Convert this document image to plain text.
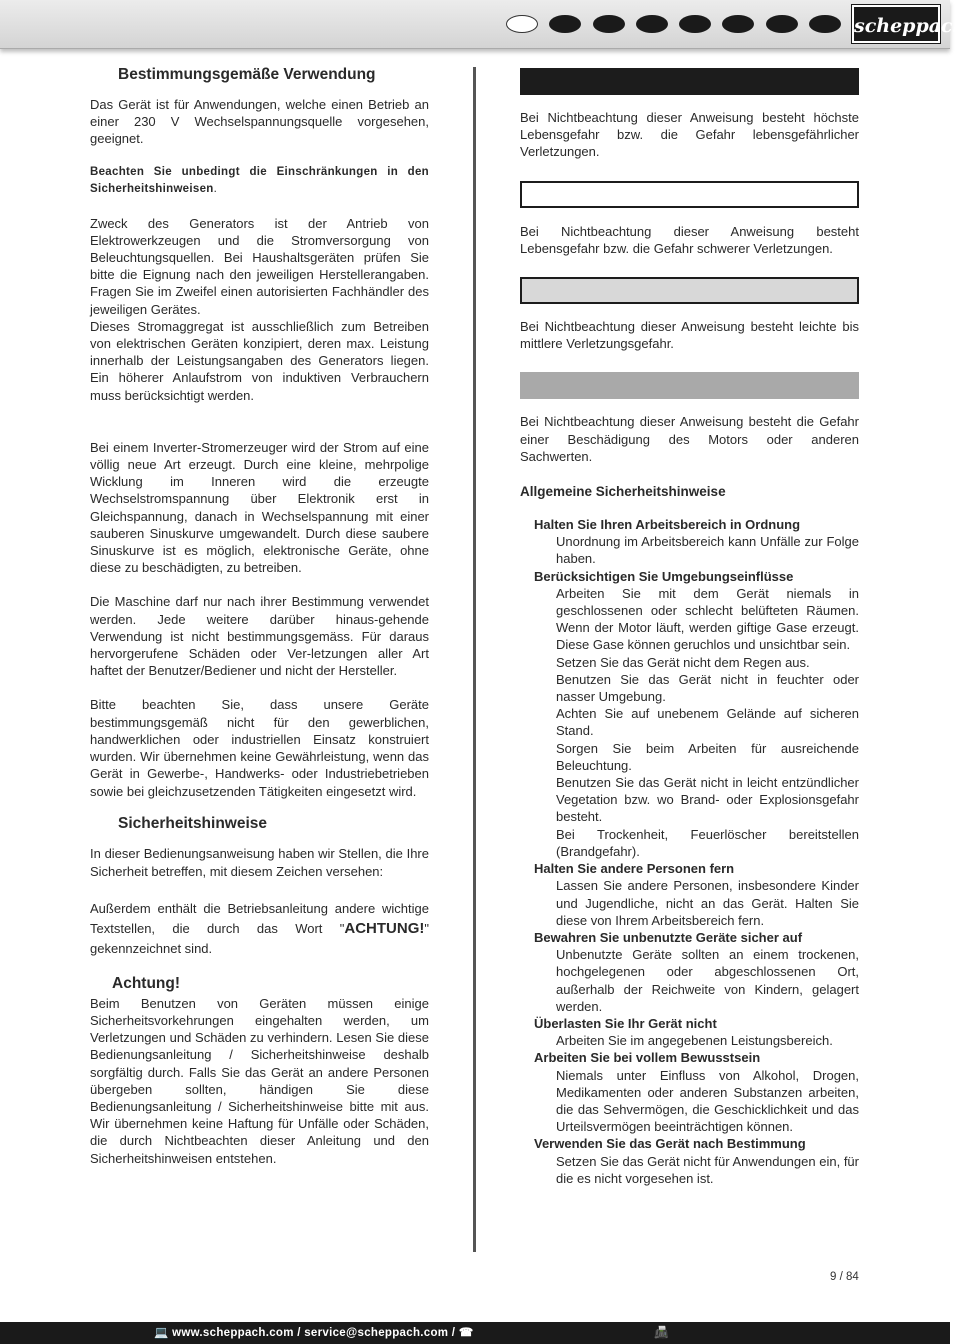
scheppach
Bestimmungsgemäße Verwendung

Das Gerät ist für Anwendungen, welche einen Betrieb an einer 230 V Wechselspannungsquelle vorgesehen, geeignet.

Beachten Sie unbedingt die Einschränkungen in den Sicherheitshinweisen.

Zweck des Generators ist der Antrieb von Elektrowerkzeugen und die Stromversorgung von Beleuchtungsquellen. Bei Haushaltsgeräten prüfen Sie bitte die Eignung nach den jeweiligen Herstellerangaben. Fragen Sie im Zweifel einen autorisierten Fachhändler des jeweiligen Gerätes.

Dieses Stromaggregat ist ausschließlich zum Betreiben von elektrischen Geräten konzipiert, deren max. Leistung innerhalb der Leistungsangaben des Generators liegen. Ein höherer Anlaufstrom von induktiven Verbrauchern muss berücksichtigt werden.

Bei einem Inverter-Stromerzeuger wird der Strom auf eine völlig neue Art erzeugt. Durch eine kleine, mehrpolige Wicklung im Inneren wird die erzeugte Wechselstromspannung über Elektronik erst in Gleichspannung, danach in Wechselspannung mit einer sauberen Sinuskurve umgewandelt. Durch diese saubere Sinuskurve ist es möglich, elektronische Geräte, ohne diese zu beschädigten, zu betreiben.

Die Maschine darf nur nach ihrer Bestimmung verwendet werden. Jede weitere darüber hinaus-gehende Verwendung ist nicht bestimmungsgemäss. Für daraus hervorgerufene Schäden oder Ver-letzungen aller Art haftet der Benutzer/Bediener und nicht der Hersteller.

Bitte beachten Sie, dass unsere Geräte bestimmungsgemäß nicht für den gewerblichen, handwerklichen oder industriellen Einsatz konstruiert wurden. Wir übernehmen keine Gewährleistung, wenn das Gerät in Gewerbe-, Handwerks- oder Industriebetrieben sowie bei gleichzusetzenden Tätigkeiten eingesetzt wird.

Sicherheitshinweise

In dieser Bedienungsanweisung haben wir Stellen, die Ihre Sicherheit betreffen, mit diesem Zeichen versehen:

Außerdem enthält die Betriebsanleitung andere wichtige Textstellen, die durch das Wort "ACHTUNG!" gekennzeichnet sind.

Achtung!

Beim Benutzen von Geräten müssen einige Sicherheitsvorkehrungen eingehalten werden, um Verletzungen und Schäden zu verhindern. Lesen Sie diese Bedienungsanleitung / Sicherheitshinweise deshalb sorgfältig durch. Falls Sie das Gerät an andere Personen übergeben sollten, händigen Sie diese Bedienungsanleitung / Sicherheitshinweise bitte mit aus. Wir übernehmen keine Haftung für Unfälle oder Schäden, die durch Nichtbeachten dieser Anleitung und den Sicherheitshinweisen entstehen.

Bei Nichtbeachtung dieser Anweisung besteht höchste Lebensgefahr bzw. die Gefahr lebensgefährlicher Verletzungen.

Bei Nichtbeachtung dieser Anweisung besteht Lebensgefahr bzw. die Gefahr schwerer Verletzungen.

Bei Nichtbeachtung dieser Anweisung besteht leichte bis mittlere Verletzungsgefahr.

Bei Nichtbeachtung dieser Anweisung besteht die Gefahr einer Beschädigung des Motors oder anderen Sachwerten.

Allgemeine Sicherheitshinweise
Halten Sie Ihren Arbeitsbereich in Ordnung
Unordnung im Arbeitsbereich kann Unfälle zur Folge haben.
Berücksichtigen Sie Umgebungseinflüsse
Arbeiten Sie mit dem Gerät niemals in geschlossenen oder schlecht belüfteten Räumen. Wenn der Motor läuft, werden giftige Gase erzeugt. Diese Gase können geruchlos und unsichtbar sein.
Setzen Sie das Gerät nicht dem Regen aus.
Benutzen Sie das Gerät nicht in feuchter oder nasser Umgebung.
Achten Sie auf unebenem Gelände auf sicheren Stand.
Sorgen Sie beim Arbeiten für ausreichende Beleuchtung.
Benutzen Sie das Gerät nicht in leicht entzündlicher Vegetation bzw. wo Brand- oder Explosionsgefahr besteht.
Bei Trockenheit, Feuerlöscher bereitstellen (Brandgefahr).
Halten Sie andere Personen fern
Lassen Sie andere Personen, insbesondere Kinder und Jugendliche, nicht an das Gerät. Halten Sie diese von Ihrem Arbeitsbereich fern.
Bewahren Sie unbenutzte Geräte sicher auf
Unbenutzte Geräte sollten an einem trockenen, hochgelegenen oder abgeschlossenen Ort, außerhalb der Reichweite von Kindern, gelagert werden.
Überlasten Sie Ihr Gerät nicht
Arbeiten Sie im angegebenen Leistungsbereich.
Arbeiten Sie bei vollem Bewusstsein
Niemals unter Einfluss von Alkohol, Drogen, Medikamenten oder anderen Substanzen arbeiten, die das Sehvermögen, die Geschicklichkeit und das Urteilsvermögen beeinträchtigen können.
Verwenden Sie das Gerät nach Bestimmung
Setzen Sie das Gerät nicht für Anwendungen ein, für die es nicht vorgesehen ist.
9 / 84
💻 www.scheppach.com / service@scheppach.com / ☎	📠
